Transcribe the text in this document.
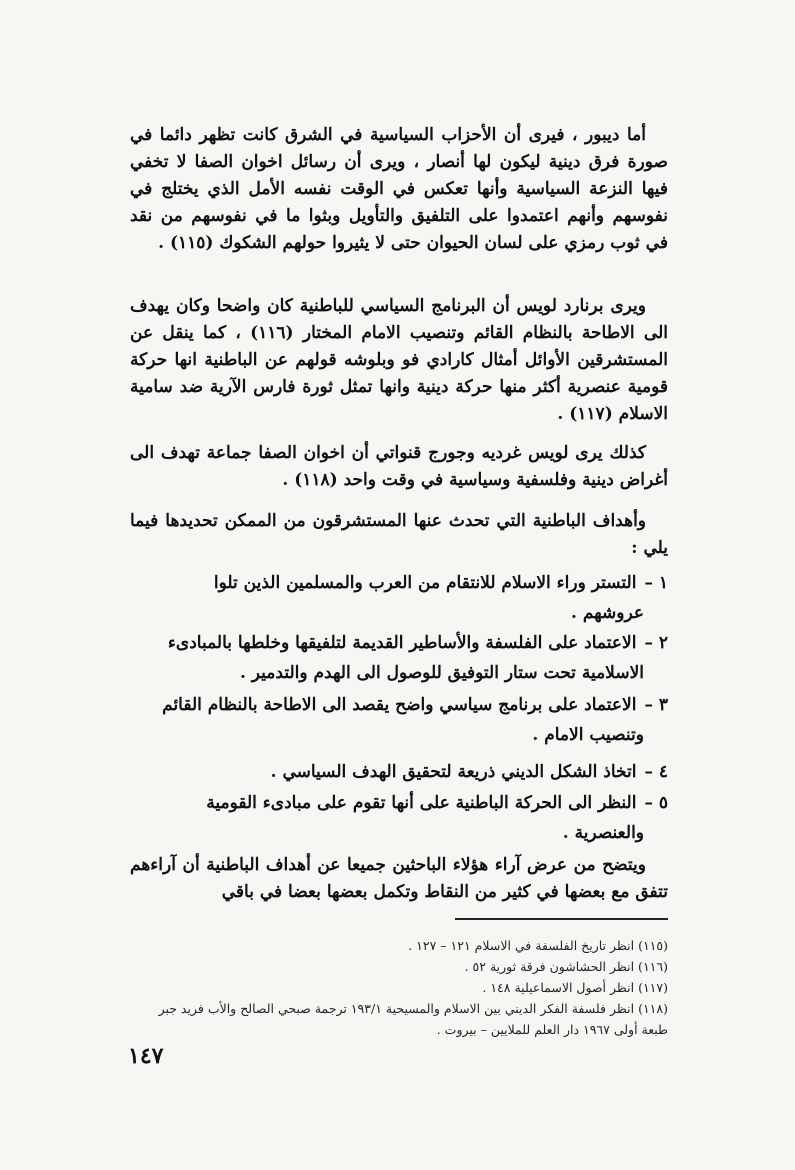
أما ديبور ، فيرى أن الأحزاب السياسية في الشرق كانت تظهر دائما في صورة فرق دينية ليكون لها أنصار ، ويرى أن رسائل اخوان الصفا لا تخفي فيها النزعة السياسية وأنها تعكس في الوقت نفسه الأمل الذي يختلج في نفوسهم وأنهم اعتمدوا على التلفيق والتأويل وبثوا ما في نفوسهم من نقد في ثوب رمزي على لسان الحيوان حتى لا يثيروا حولهم الشكوك (١١٥) .
ويرى برنارد لويس أن البرنامج السياسي للباطنية كان واضحا وكان يهدف الى الاطاحة بالنظام القائم وتنصيب الامام المختار (١١٦) ، كما ينقل عن المستشرقين الأوائل أمثال كارادي فو وبلوشه قولهم عن الباطنية انها حركة قومية عنصرية أكثر منها حركة دينية وانها تمثل ثورة فارس الآرية ضد سامية الاسلام (١١٧) .
كذلك يرى لويس غرديه وجورج قنواتي أن اخوان الصفا جماعة تهدف الى أغراض دينية وفلسفية وسياسية في وقت واحد (١١٨) .
وأهداف الباطنية التي تحدث عنها المستشرقون من الممكن تحديدها فيما يلي :
١ –التستر وراء الاسلام للانتقام من العرب والمسلمين الذين تلوا
عروشهم .
٢ –الاعتماد على الفلسفة والأساطير القديمة لتلفيقها وخلطها بالمبادىء
الاسلامية تحت ستار التوفيق للوصول الى الهدم والتدمير .
٣ –الاعتماد على برنامج سياسي واضح يقصد الى الاطاحة بالنظام القائم
وتنصيب الامام .
٤ –اتخاذ الشكل الديني ذريعة لتحقيق الهدف السياسي .
٥ –النظر الى الحركة الباطنية على أنها تقوم على مبادىء القومية
والعنصرية .
ويتضح من عرض آراء هؤلاء الباحثين جميعا عن أهداف الباطنية أن آراءهم تتفق مع بعضها في كثير من النقاط وتكمل بعضها بعضا في باقي
(١١٥) انظر تاريخ الفلسفة في الاسلام ١٢١ – ١٢٧ .
(١١٦) انظر الحشاشون فرقة ثورية ٥٢ .
(١١٧) انظر أصول الاسماعيلية ١٤٨ .
(١١٨) انظر فلسفة الفكر الديني بين الاسلام والمسيحية ١٩٣/١ ترجمة صبحي الصالح والأب فريد جبر طبعة أولى ١٩٦٧ دار العلم للملايين – بيروت .
١٤٧
